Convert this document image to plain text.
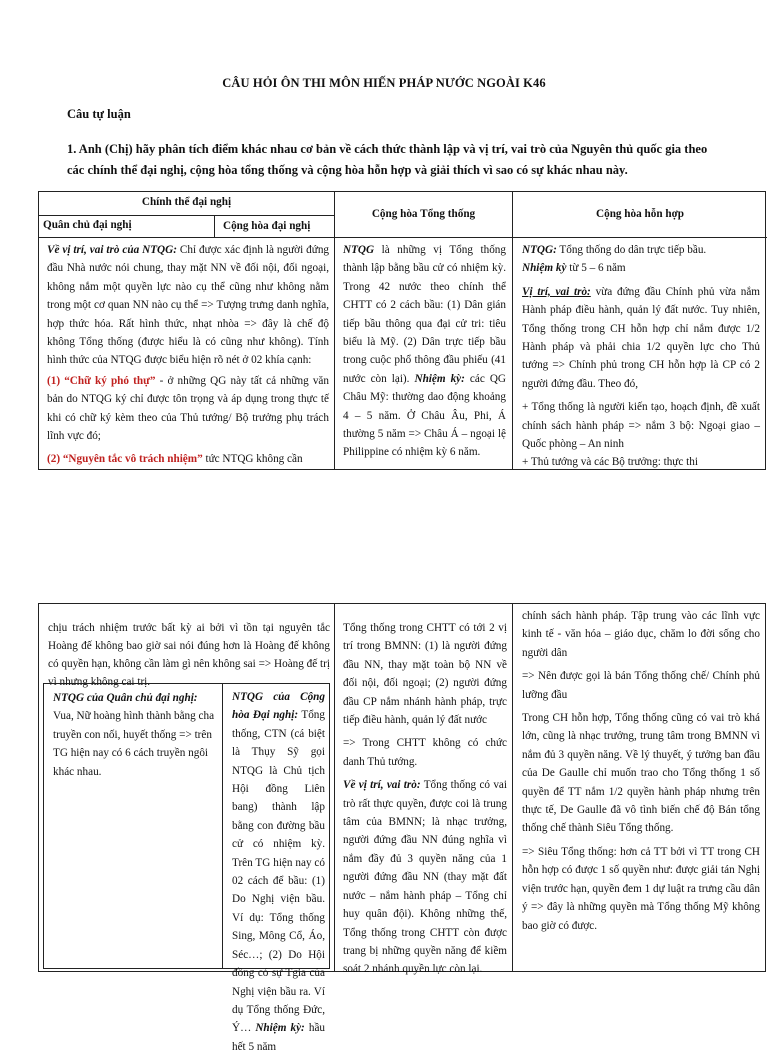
CÂU HỎI ÔN THI MÔN HIẾN PHÁP NƯỚC NGOÀI K46
Câu tự luận
1. Anh (Chị) hãy phân tích điểm khác nhau cơ bản về cách thức thành lập và vị trí, vai trò của Nguyên thủ quốc gia theo các chính thể đại nghị, cộng hòa tổng thống và cộng hòa hỗn hợp và giải thích vì sao có sự khác nhau này.
Chính thể đại nghị
Quân chủ đại nghị	Cộng hòa đại nghị
Cộng hòa Tổng thống	Cộng hòa hỗn hợp

Về vị trí, vai trò của NTQG: Chỉ được xác định là người đứng đầu Nhà nước nói chung, thay mặt NN về đối nội, đối ngoại, không nắm một quyền lực nào cụ thể cũng như không nằm trong một cơ quan NN nào cụ thể => Tượng trưng danh nghĩa, hợp thức hóa. Rất hình thức, nhạt nhòa => đây là chế độ không Tổng thống (được hiểu là có cũng như không). Tính hình thức của NTQG được biểu hiện rõ nét ở 02 khía cạnh:

(1) “Chữ ký phó thự” - ở những QG này tất cả những văn bản do NTQG ký chỉ được tôn trọng và áp dụng trong thực tế khi có chữ ký kèm theo của Thủ tướng/ Bộ trưởng phụ trách lĩnh vực đó;

(2) “Nguyên tắc vô trách nhiệm” tức NTQG không cần

NTQG là những vị Tổng thống thành lập bằng bầu cử có nhiệm kỳ. Trong 42 nước theo chính thể CHTT có 2 cách bầu: (1) Dân gián tiếp bầu thông qua đại cử tri: tiêu biểu là Mỹ. (2) Dân trực tiếp bầu trong cuộc phổ thông đầu phiếu (41 nước còn lại). Nhiệm kỳ: các QG Châu Mỹ: thường dao động khoảng 4 – 5 năm. Ở Châu Âu, Phi, Á thường 5 năm => Châu Á – ngoại lệ Philippine có nhiệm kỳ 6 năm.

NTQG: Tổng thống do dân trực tiếp bầu.

Nhiệm kỳ từ 5 – 6 năm

Vị trí, vai trò: vừa đứng đầu Chính phủ vừa nắm Hành pháp điều hành, quản lý đất nước. Tuy nhiên, Tổng thống trong CH hỗn hợp chỉ nắm được 1/2 Hành pháp và phải chia 1/2 quyền lực cho Thủ tướng => Chính phủ trong CH hỗn hợp là CP có 2 người đứng đầu. Theo đó,

+ Tổng thống là người kiến tạo, hoạch định, đề xuất chính sách hành pháp => nắm 3 bộ: Ngoại giao – Quốc phòng – An ninh

+ Thủ tướng và các Bộ trưởng: thực thi

chịu trách nhiệm trước bất kỳ ai bởi vì tồn tại nguyên tắc Hoàng đế không bao giờ sai nói đúng hơn là Hoàng đế không có quyền hạn, không cần làm gì nên không sai => Hoàng đế trị vì nhưng không cai trị.
NTQG của Quân chủ đại nghị: Vua, Nữ hoàng hình thành bằng cha truyền con nối, huyết thống => trên TG hiện nay có 6 cách truyền ngôi khác nhau.
NTQG của Cộng hòa Đại nghị: Tổng thống, CTN (cá biệt là Thụy Sỹ gọi NTQG là Chủ tịch Hội đồng Liên bang) thành lập bằng con đường bầu cử có nhiệm kỳ. Trên TG hiện nay có 02 cách để bầu: (1) Do Nghị viện bầu. Ví dụ: Tổng thống Sing, Mông Cổ, Áo, Séc…; (2) Do Hội đồng có sự Tgia của Nghị viện bầu ra. Ví dụ Tổng thống Đức, Ý… Nhiệm kỳ: hầu hết 5 năm

Tổng thống trong CHTT có tới 2 vị trí trong BMNN: (1) là người đứng đầu NN, thay mặt toàn bộ NN về đối nội, đối ngoại; (2) người đứng đầu CP nắm nhánh hành pháp, trực tiếp điều hành, quản lý đất nước

=> Trong CHTT không có chức danh Thủ tướng.

Về vị trí, vai trò: Tổng thống có vai trò rất thực quyền, được coi là trung tâm của BMNN; là nhạc trưởng, người đứng đầu NN đúng nghĩa vì nắm đầy đủ 3 quyền năng của 1 người đứng đầu NN (thay mặt đất nước – nắm hành pháp – Tổng chỉ huy quân đội). Không những thế, Tổng thống trong CHTT còn được trang bị những quyền năng để kiềm soát 2 nhánh quyền lực còn lại.

chính sách hành pháp. Tập trung vào các lĩnh vực kinh tế - văn hóa – giáo dục, chăm lo đời sống cho người dân

=> Nên được gọi là bán Tổng thống chế/ Chính phủ lưỡng đầu

Trong CH hỗn hợp, Tổng thống cũng có vai trò khá lớn, cũng là nhạc trưởng, trung tâm trong BMNN vì nắm đủ 3 quyền năng. Về lý thuyết, ý tưởng ban đầu của De Gaulle chỉ muốn trao cho Tổng thống 1 số quyền để TT nắm 1/2 quyền hành pháp nhưng trên thực tế, De Gaulle đã vô tình biến chế độ Bán tổng thống chế thành Siêu Tổng thống.

=> Siêu Tổng thống: hơn cả TT bởi vì TT trong CH hỗn hợp có được 1 số quyền như: được giải tán Nghị viện trước hạn, quyền đem 1 dự luật ra trưng cầu dân ý => đây là những quyền mà Tổng thống Mỹ không bao giờ có được.
